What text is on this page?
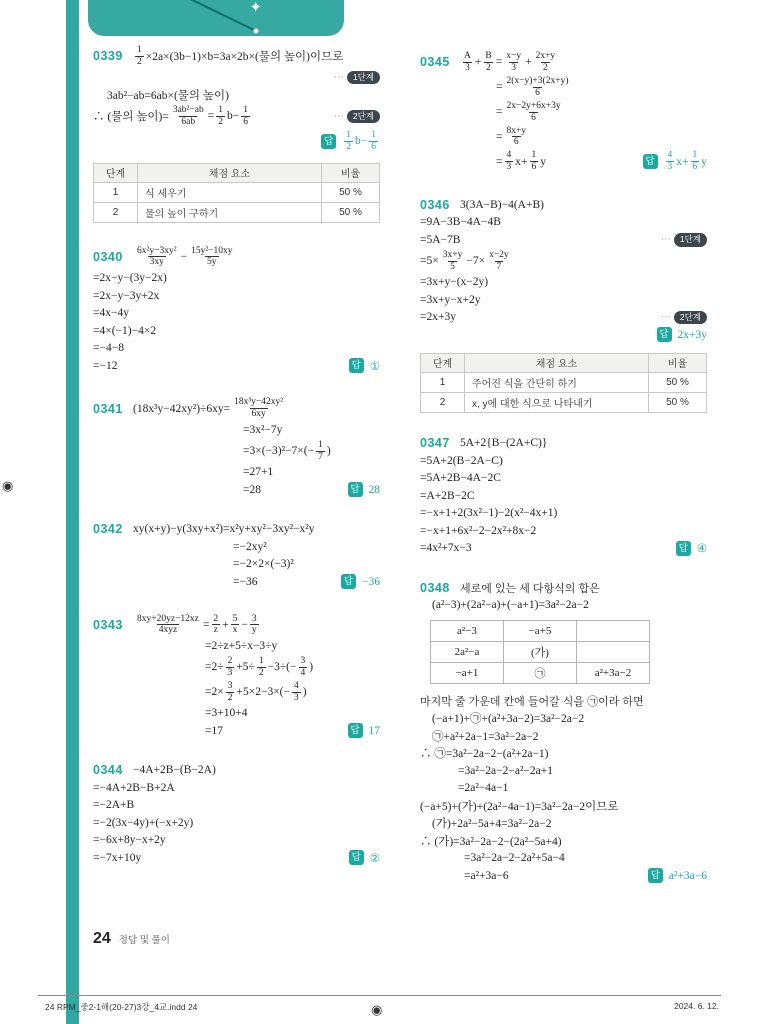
✦
◉
◉
0339	$\frac{1}{2} \times 2a\times(3b-1)\times b=3a\times 2b\times$(물의 높이)이므로
⋯	1단계
3ab²−ab=6ab×(물의 높이)
∴ (물의 높이)= $\frac{\text{3ab²−ab}}{6ab} = \frac{1}{2} b- \frac{1}{6}$	⋯	2단계
답	$\frac{1}{2} b- \frac{1}{6}$
단계	채점 요소	비율
1	식 세우기	50 %
2	물의 높이 구하기	50 %
0340	$\frac{\text{6x²y−3xy²}}{3xy} - \frac{\text{15y²−10xy}}{5y}$
=2x−y−(3y−2x)
=2x−y−3y+2x
=4x−4y
=4×(−1)−4×2
=−4−8
=−12	답 ①
0341 $(18x^3y-42xy^2)\div 6xy= \frac{\text{18x³y−42xy²}}{6xy}$
=3x²−7y
$=3\times(-3)^2-7\times(- \frac{1}{7}$ )
=27+1
=28	답 28
0342 xy(x+y)−y(3xy+x²)=x²y+xy²−3xy²−x²y
=−2xy²
=−2×2×(−3)²
=−36	답 −36
0343	$\frac{8xy+20yz-12xz}{\text{4xyz}} = \frac{2}{z} + \frac{5}{x} - \frac{3}{y}$
=2÷z+5÷x−3÷y
$=2\div \frac{2}{3} +5\div \frac{1}{2} -3\div(- \frac{3}{4}$ )
$=2\times \frac{3}{2} +5\times 2-3\times(- \frac{4}{3}$ )
=3+10+4
=17	답 17
0344 −4A+2B−(B−2A)
=−4A+2B−B+2A
=−2A+B
=−2(3x−4y)+(−x+2y)
=−6x+8y−x+2y
=−7x+10y	답 ②
0345	$\frac{A}{3} + \frac{B}{2} = \frac{x-y}{3} + \frac{2x+y}{2}$
= $\frac{2(x-y)+3(2x+y)}{6}$
= $\frac{2x-2y+6x+3y}{6}$
= $\frac{8x+y}{6}$
= $\frac{4}{3} x+ \frac{1}{6}$ y	답	$\frac{4}{3} x+ \frac{1}{6}$ y
0346 3(3A−B)−4(A+B)
=9A−3B−4A−4B
=5A−7B	⋯	1단계
$=5\times \frac{3x+y}{5} -7\times \frac{x-2y}{7}$
=3x+y−(x−2y)
=3x+y−x+2y
=2x+3y	⋯	2단계
답 2x+3y
단계	채점 요소	비율
1	주어진 식을 간단히 하기	50 %
2	x, y에 대한 식으로 나타내기	50 %
0347 5A+2{B−(2A+C)}
=5A+2(B−2A−C)
=5A+2B−4A−2C
=A+2B−2C
=−x+1+2(3x²−1)−2(x²−4x+1)
=−x+1+6x²−2−2x²+8x−2
=4x²+7x−3	답 ④
0348 세로에 있는 세 다항식의 합은
(a²−3)+(2a²−a)+(−a+1)=3a²−2a−2
a²−3	−a+5	
2a²−a	(가)	
−a+1	㉠	a²+3a−2
마지막 줄 가운데 칸에 들어갈 식을 ㉠이라 하면
(−a+1)+㉠+(a²+3a−2)=3a²−2a−2
㉠+a²+2a−1=3a²−2a−2
∴ ㉠=3a²−2a−2−(a²+2a−1)
=3a²−2a−2−a²−2a+1
=2a²−4a−1
(−a+5)+(가)+(2a²−4a−1)=3a²−2a−2이므로
(가)+2a²−5a+4=3a²−2a−2
∴ (가)=3a²−2a−2−(2a²−5a+4)
=3a²−2a−2−2a²+5a−4
=a²+3a−6	답 a²+3a−6
24 정답 및 풀이
24 RPM_중2-1해(20-27)3강_4교.indd 24	2024. 6. 12.
